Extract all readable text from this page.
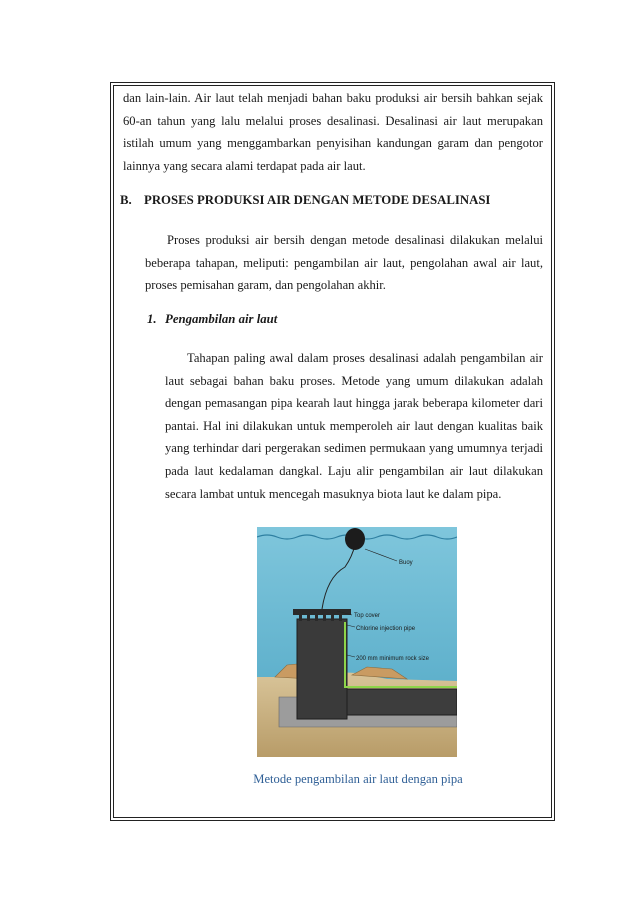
dan lain-lain. Air laut telah menjadi bahan baku produksi air bersih bahkan sejak 60-an tahun yang lalu melalui proses desalinasi. Desalinasi air laut merupakan istilah umum yang menggambarkan penyisihan kandungan garam dan pengotor lainnya yang secara alami terdapat pada air laut.

B. PROSES PRODUKSI AIR DENGAN METODE DESALINASI

Proses produksi air bersih dengan metode desalinasi dilakukan melalui beberapa tahapan, meliputi: pengambilan air laut, pengolahan awal air laut, proses pemisahan garam, dan pengolahan akhir.

1. Pengambilan air laut

Tahapan paling awal dalam proses desalinasi adalah pengambilan air laut sebagai bahan baku proses. Metode yang umum dilakukan adalah dengan pemasangan pipa kearah laut hingga jarak beberapa kilometer dari pantai. Hal ini dilakukan untuk memperoleh air laut dengan kualitas baik yang terhindar dari pergerakan sedimen permukaan yang umumnya terjadi pada laut kedalaman dangkal. Laju alir pengambilan air laut dilakukan secara lambat untuk mencegah masuknya biota laut ke dalam pipa.

Buoy
Top cover
Chlorine injection pipe
200 mm minimum rock size
Metode pengambilan air laut dengan pipa
